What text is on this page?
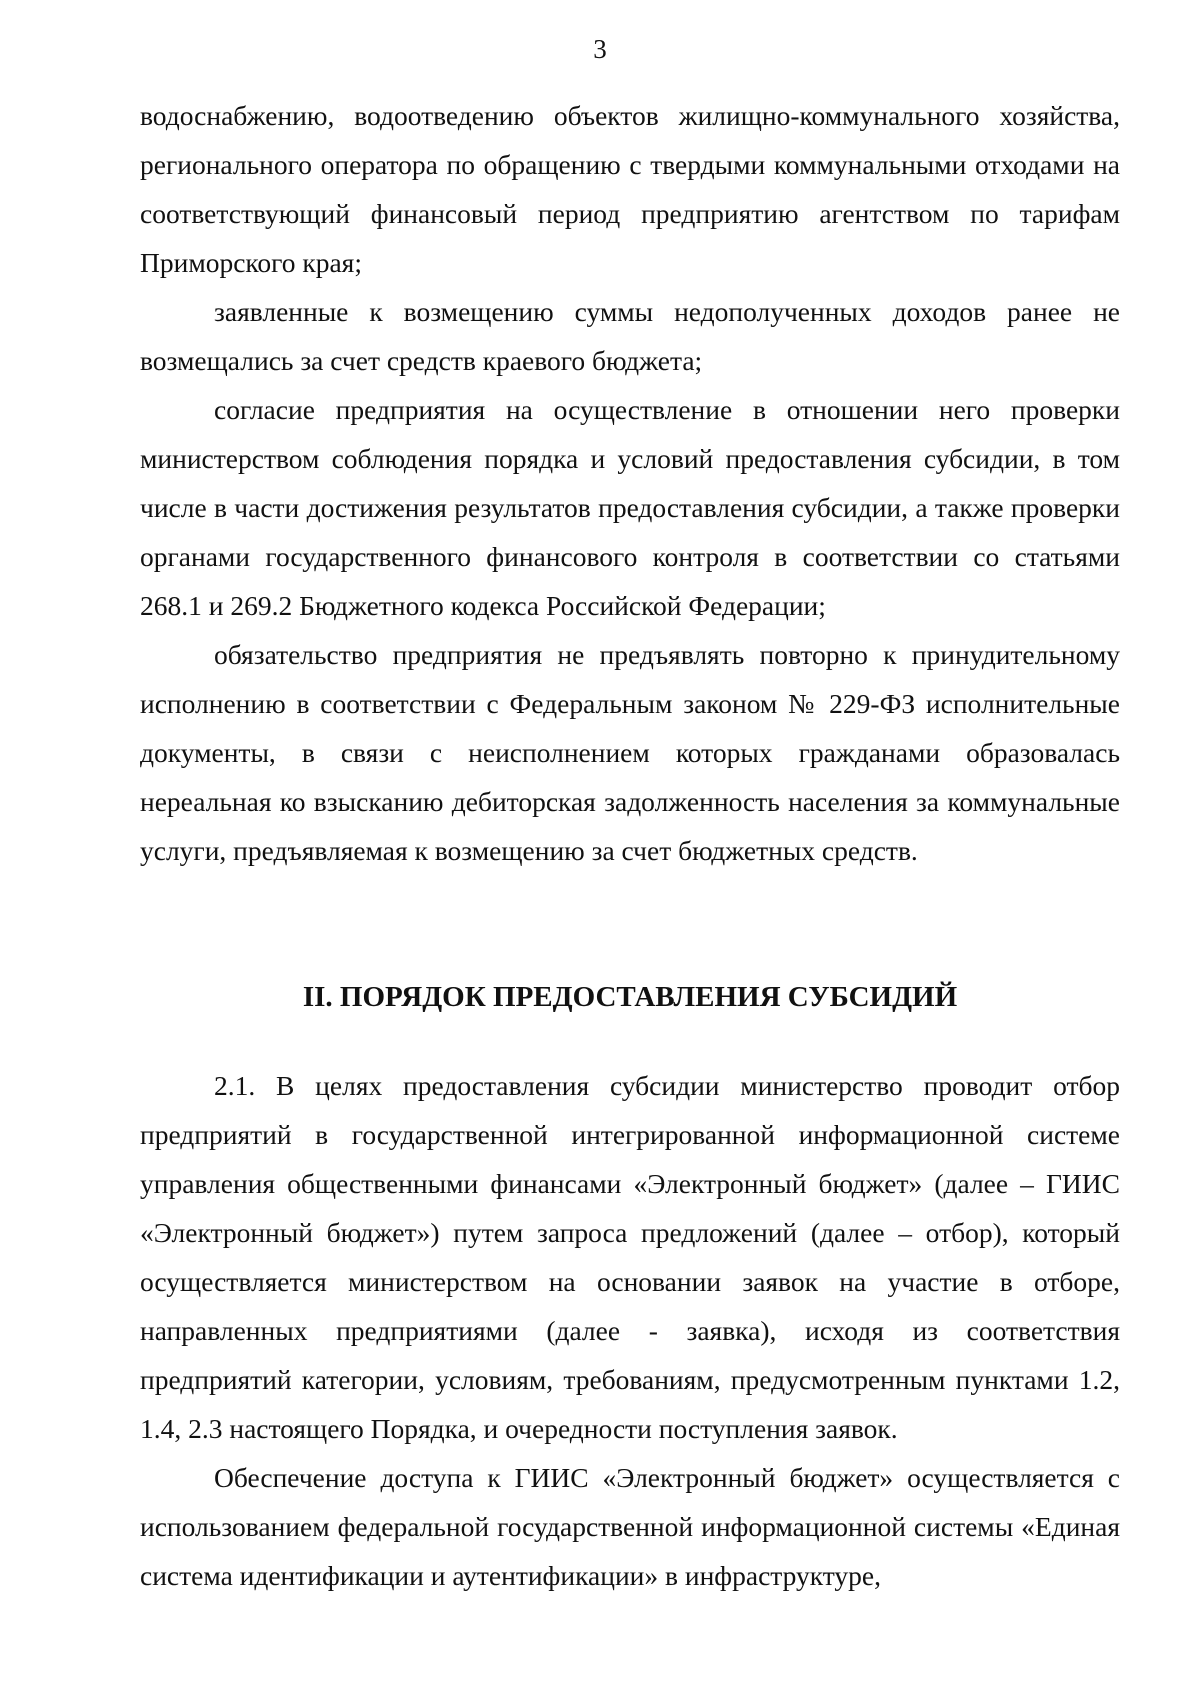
3

водоснабжению, водоотведению объектов жилищно-коммунального хозяйства, регионального оператора по обращению с твердыми коммунальными отходами на соответствующий финансовый период предприятию агентством по тарифам Приморского края;

заявленные к возмещению суммы недополученных доходов ранее не возмещались за счет средств краевого бюджета;

согласие предприятия на осуществление в отношении него проверки министерством соблюдения порядка и условий предоставления субсидии, в том числе в части достижения результатов предоставления субсидии, а также проверки органами государственного финансового контроля в соответствии со статьями 268.1 и 269.2 Бюджетного кодекса Российской Федерации;

обязательство предприятия не предъявлять повторно к принудительному исполнению в соответствии с Федеральным законом № 229-ФЗ исполнительные документы, в связи с неисполнением которых гражданами образовалась нереальная ко взысканию дебиторская задолженность населения за коммунальные услуги, предъявляемая к возмещению за счет бюджетных средств.

II. ПОРЯДОК ПРЕДОСТАВЛЕНИЯ СУБСИДИЙ

2.1. В целях предоставления субсидии министерство проводит отбор предприятий в государственной интегрированной информационной системе управления общественными финансами «Электронный бюджет» (далее – ГИИС «Электронный бюджет») путем запроса предложений (далее – отбор), который осуществляется министерством на основании заявок на участие в отборе, направленных предприятиями (далее - заявка), исходя из соответствия предприятий категории, условиям, требованиям, предусмотренным пунктами 1.2, 1.4, 2.3 настоящего Порядка, и очередности поступления заявок.

Обеспечение доступа к ГИИС «Электронный бюджет» осуществляется с использованием федеральной государственной информационной системы «Единая система идентификации и аутентификации» в инфраструктуре,
